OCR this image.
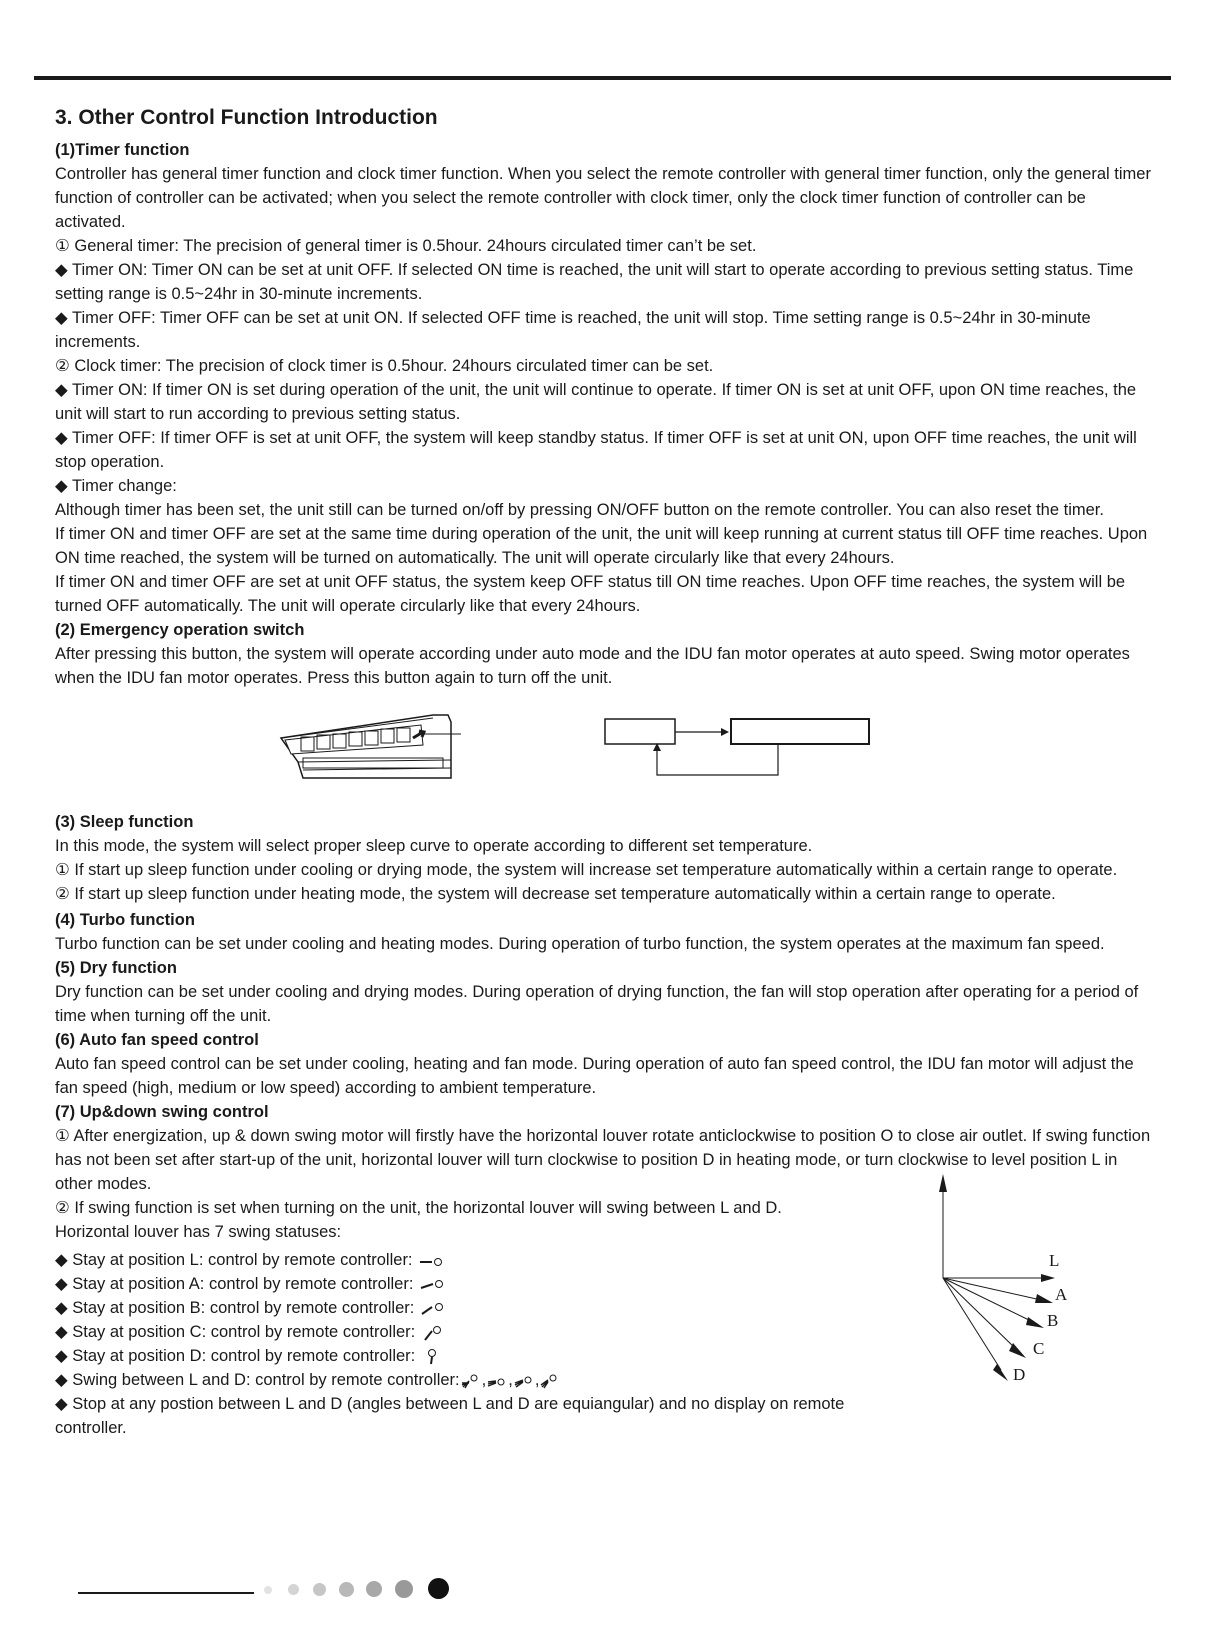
3. Other Control Function Introduction
(1)Timer function

Controller has general timer function and clock timer function. When you select the remote controller with general timer function, only the general timer function of controller can be activated; when you select the remote controller with clock timer, only the clock timer function of controller can be activated.

① General timer: The precision of general timer is 0.5hour. 24hours circulated timer can’t be set.

◆ Timer ON: Timer ON can be set at unit OFF. If selected ON time is reached, the unit will start to operate according to previous setting status. Time setting range is 0.5~24hr in 30-minute increments.

◆ Timer OFF: Timer OFF can be set at unit ON. If selected OFF time is reached, the unit will stop. Time setting range is 0.5~24hr in 30-minute increments.

② Clock timer: The precision of clock timer is 0.5hour. 24hours circulated timer can be set.

◆ Timer ON: If timer ON is set during operation of the unit, the unit will continue to operate. If timer ON is set at unit OFF, upon ON time reaches, the unit will start to run according to previous setting status.

◆ Timer OFF: If timer OFF is set at unit OFF, the system will keep standby status. If timer OFF is set at unit ON, upon OFF time reaches, the unit will stop operation.

◆ Timer change:

Although timer has been set, the unit still can be turned on/off by pressing ON/OFF button on the remote controller. You can also reset the timer.

If timer ON and timer OFF are set at the same time during operation of the unit, the unit will keep running at current status till OFF time reaches. Upon ON time reached, the system will be turned on automatically. The unit will operate circularly like that every 24hours.

If timer ON and timer OFF are set at unit OFF status, the system keep OFF status till ON time reaches. Upon OFF time reaches, the system will be turned OFF automatically. The unit will operate circularly like that every 24hours.

(2) Emergency operation switch

After pressing this button, the system will operate according under auto mode and the IDU fan motor operates at auto speed. Swing motor operates when the IDU fan motor operates. Press this button again to turn off the unit.

(3) Sleep function

In this mode, the system will select proper sleep curve to operate according to different set temperature.

① If start up sleep function under cooling or drying mode, the system will increase set temperature automatically within a certain range to operate.

② If start up sleep function under heating mode, the system will decrease set temperature automatically within a certain range to operate.

(4) Turbo function

Turbo function can be set under cooling and heating modes. During operation of turbo function, the system operates at the maximum fan speed.

(5) Dry function

Dry function can be set under cooling and drying modes. During operation of drying function, the fan will stop operation after operating for a period of time when turning off the unit.

(6) Auto fan speed control

Auto fan speed control can be set under cooling, heating and fan mode. During operation of auto fan speed control, the IDU fan motor will adjust the fan speed (high, medium or low speed) according to ambient temperature.

(7) Up&down swing control

① After energization, up & down swing motor will firstly have the horizontal louver rotate anticlockwise to position O to close air outlet. If swing function has not been set after start-up of the unit, horizontal louver will turn clockwise to position D in heating mode, or turn clockwise to level position L in other modes.

② If swing function is set when turning on the unit, the horizontal louver will swing between L and D.

Horizontal louver has 7 swing statuses:

◆ Stay at position L: control by remote controller:

◆ Stay at position A: control by remote controller:

◆ Stay at position B: control by remote controller:

◆ Stay at position C: control by remote controller:

◆ Stay at position D: control by remote controller:

◆ Swing between L and D: control by remote controller: , , ,

◆ Stop at any postion between L and D (angles between L and D are equiangular) and no display on remote controller.

L
A
B
C
D
